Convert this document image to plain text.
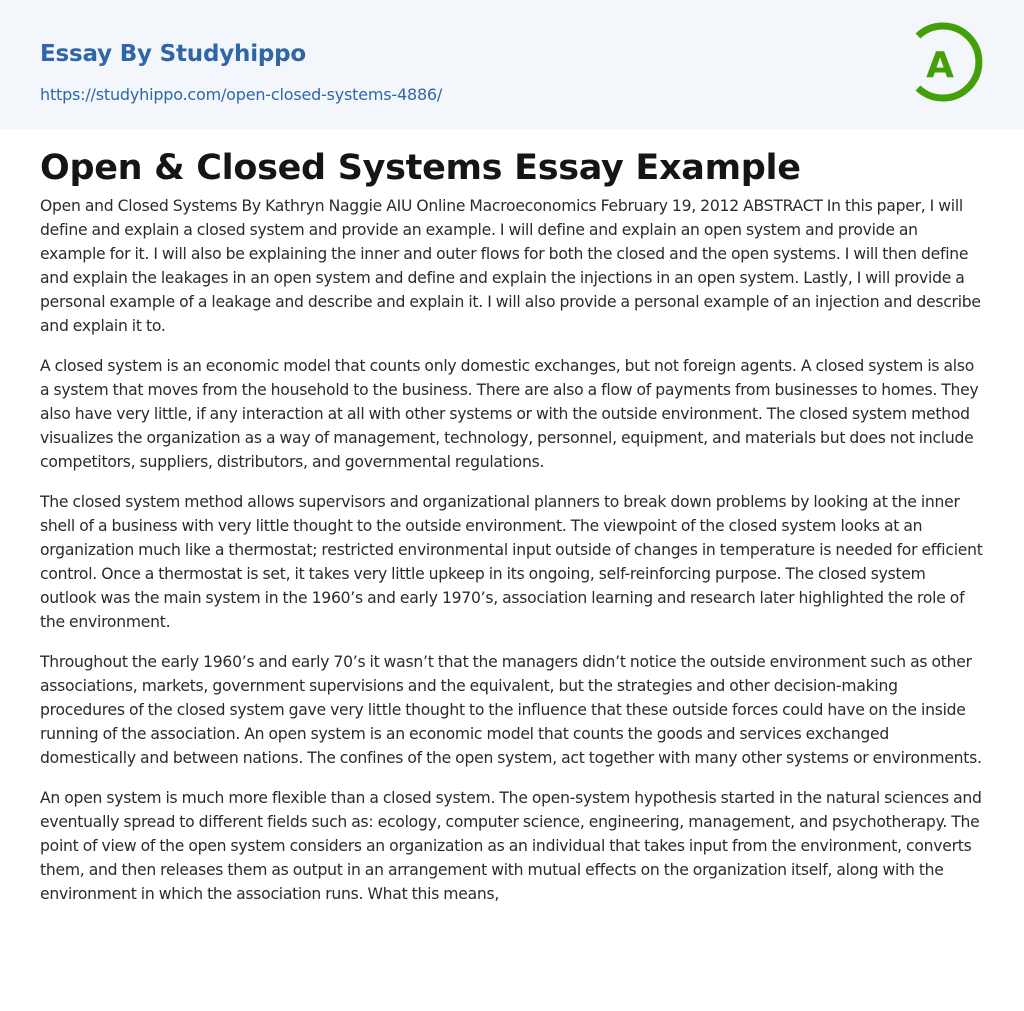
Essay By Studyhippo
https://studyhippo.com/open-closed-systems-4886/
A
Open & Closed Systems Essay Example

Open and Closed Systems By Kathryn Naggie AIU Online Macroeconomics February 19, 2012 ABSTRACT In this paper, I will define and explain a closed system and provide an example. I will define and explain an open system and provide an example for it. I will also be explaining the inner and outer flows for both the closed and the open systems. I will then define and explain the leakages in an open system and define and explain the injections in an open system. Lastly, I will provide a personal example of a leakage and describe and explain it. I will also provide a personal example of an injection and describe and explain it to.

A closed system is an economic model that counts only domestic exchanges, but not foreign agents. A closed system is also a system that moves from the household to the business. There are also a flow of payments from businesses to homes. They also have very little, if any interaction at all with other systems or with the outside environment. The closed system method visualizes the organization as a way of management, technology, personnel, equipment, and materials but does not include competitors, suppliers, distributors, and governmental regulations.

The closed system method allows supervisors and organizational planners to break down problems by looking at the inner shell of a business with very little thought to the outside environment. The viewpoint of the closed system looks at an organization much like a thermostat; restricted environmental input outside of changes in temperature is needed for efficient control. Once a thermostat is set, it takes very little upkeep in its ongoing, self-reinforcing purpose. The closed system outlook was the main system in the 1960’s and early 1970’s, association learning and research later highlighted the role of the environment.

Throughout the early 1960’s and early 70’s it wasn’t that the managers didn’t notice the outside environment such as other associations, markets, government supervisions and the equivalent, but the strategies and other decision-making procedures of the closed system gave very little thought to the influence that these outside forces could have on the inside running of the association. An open system is an economic model that counts the goods and services exchanged domestically and between nations. The confines of the open system, act together with many other systems or environments.

An open system is much more flexible than a closed system. The open-system hypothesis started in the natural sciences and eventually spread to different fields such as: ecology, computer science, engineering, management, and psychotherapy. The point of view of the open system considers an organization as an individual that takes input from the environment, converts them, and then releases them as output in an arrangement with mutual effects on the organization itself, along with the environment in which the association runs. What this means,
